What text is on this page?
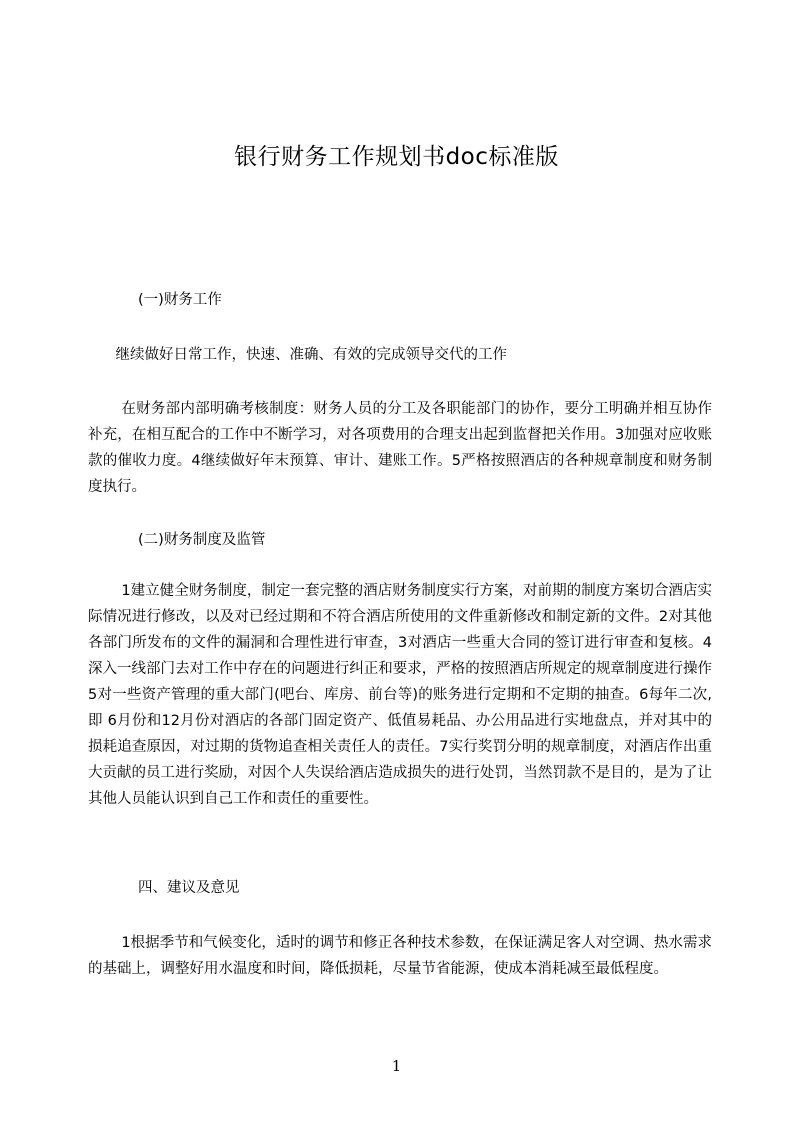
银行财务工作规划书doc标准版
(一)财务工作
继续做好日常工作，快速、准确、有效的完成领导交代的工作
在财务部内部明确考核制度：财务人员的分工及各职能部门的协作，要分工明确并相互协作补充，在相互配合的工作中不断学习，对各项费用的合理支出起到监督把关作用。3加强对应收账款的催收力度。4继续做好年末预算、审计、建账工作。5严格按照酒店的各种规章制度和财务制度执行。
(二)财务制度及监管
1建立健全财务制度，制定一套完整的酒店财务制度实行方案，对前期的制度方案切合酒店实际情况进行修改，以及对已经过期和不符合酒店所使用的文件重新修改和制定新的文件。2对其他各部门所发布的文件的漏洞和合理性进行审查，3对酒店一些重大合同的签订进行审查和复核。4深入一线部门去对工作中存在的问题进行纠正和要求，严格的按照酒店所规定的规章制度进行操作5对一些资产管理的重大部门(吧台、库房、前台等)的账务进行定期和不定期的抽查。6每年二次,即 6月份和12月份对酒店的各部门固定资产、低值易耗品、办公用品进行实地盘点，并对其中的损耗追查原因，对过期的货物追查相关责任人的责任。7实行奖罚分明的规章制度，对酒店作出重大贡献的员工进行奖励，对因个人失误给酒店造成损失的进行处罚，当然罚款不是目的，是为了让其他人员能认识到自己工作和责任的重要性。
四、建议及意见
1根据季节和气候变化，适时的调节和修正各种技术参数，在保证满足客人对空调、热水需求的基础上，调整好用水温度和时间，降低损耗，尽量节省能源，使成本消耗减至最低程度。
1
